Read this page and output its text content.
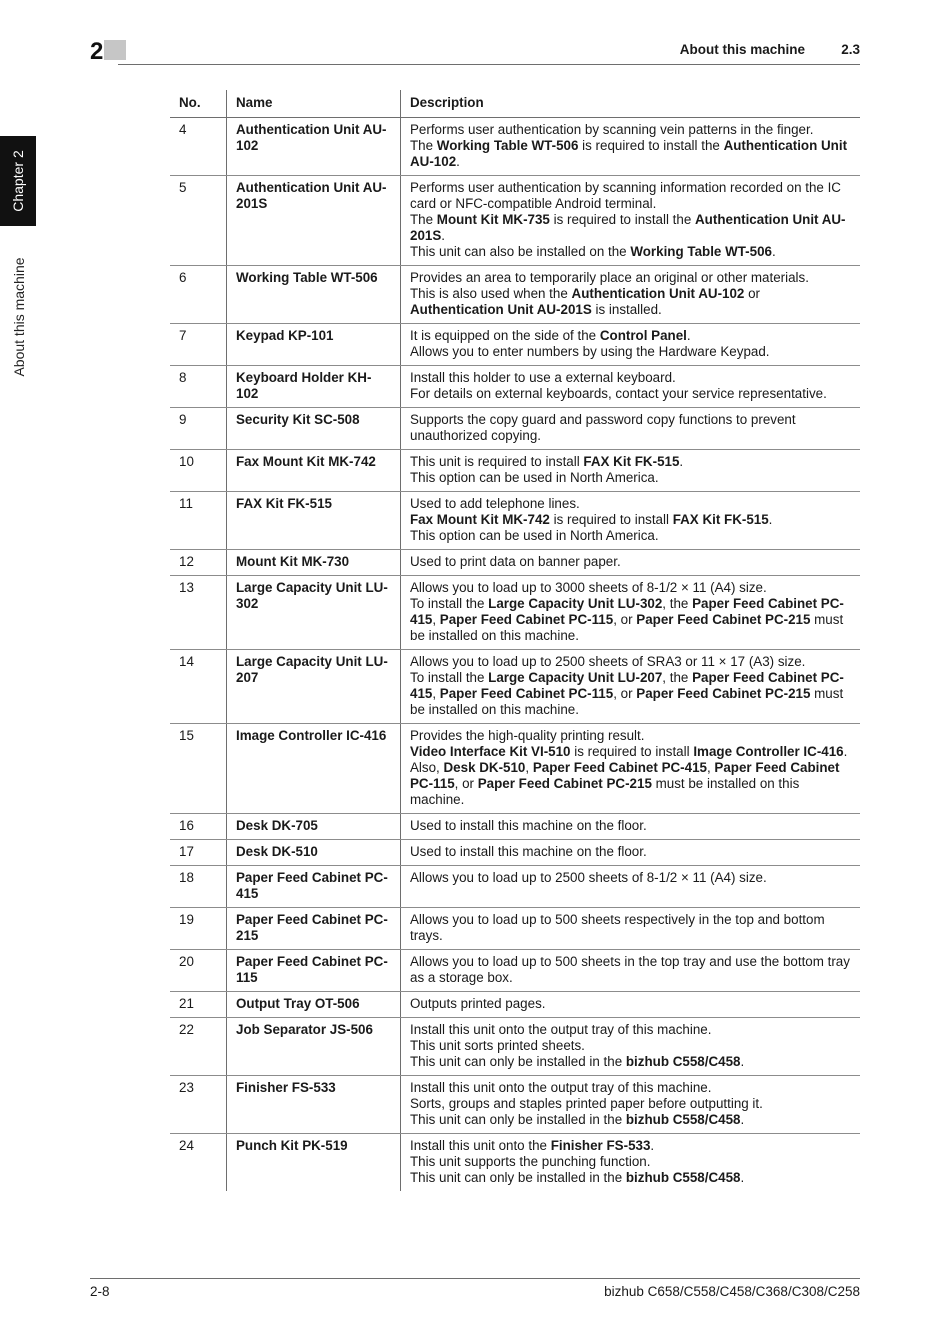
2	About this machine	2.3
Chapter 2
About this machine
No.	Name	Description
4	Authentication Unit AU-102	Performs user authentication by scanning vein patterns in the finger.
The Working Table WT-506 is required to install the Authentication Unit AU-102.

5	Authentication Unit AU-201S	Performs user authentication by scanning information recorded on the IC card or NFC-compatible Android terminal.
The Mount Kit MK-735 is required to install the Authentication Unit AU-201S.
This unit can also be installed on the Working Table WT-506.

6	Working Table WT-506	Provides an area to temporarily place an original or other materials.
This is also used when the Authentication Unit AU-102 or Authentication Unit AU-201S is installed.

7	Keypad KP-101	It is equipped on the side of the Control Panel.
Allows you to enter numbers by using the Hardware Keypad.

8	Keyboard Holder KH-102	Install this holder to use a external keyboard.
For details on external keyboards, contact your service representative.

9	Security Kit SC-508	Supports the copy guard and password copy functions to prevent unauthorized copying.

10	Fax Mount Kit MK-742	This unit is required to install FAX Kit FK-515.
This option can be used in North America.

11	FAX Kit FK-515	Used to add telephone lines.
Fax Mount Kit MK-742 is required to install FAX Kit FK-515.
This option can be used in North America.

12	Mount Kit MK-730	Used to print data on banner paper.

13	Large Capacity Unit LU-302	Allows you to load up to 3000 sheets of 8-1/2 × 11 (A4) size.
To install the Large Capacity Unit LU-302, the Paper Feed Cabinet PC-415, Paper Feed Cabinet PC-115, or Paper Feed Cabinet PC-215 must be installed on this machine.

14	Large Capacity Unit LU-207	Allows you to load up to 2500 sheets of SRA3 or 11 × 17 (A3) size.
To install the Large Capacity Unit LU-207, the Paper Feed Cabinet PC-415, Paper Feed Cabinet PC-115, or Paper Feed Cabinet PC-215 must be installed on this machine.

15	Image Controller IC-416	Provides the high-quality printing result.
Video Interface Kit VI-510 is required to install Image Controller IC-416. Also, Desk DK-510, Paper Feed Cabinet PC-415, Paper Feed Cabinet PC-115, or Paper Feed Cabinet PC-215 must be installed on this machine.

16	Desk DK-705	Used to install this machine on the floor.

17	Desk DK-510	Used to install this machine on the floor.

18	Paper Feed Cabinet PC-415	Allows you to load up to 2500 sheets of 8-1/2 × 11 (A4) size.

19	Paper Feed Cabinet PC-215	Allows you to load up to 500 sheets respectively in the top and bottom trays.

20	Paper Feed Cabinet PC-115	Allows you to load up to 500 sheets in the top tray and use the bottom tray as a storage box.

21	Output Tray OT-506	Outputs printed pages.

22	Job Separator JS-506	Install this unit onto the output tray of this machine.
This unit sorts printed sheets.
This unit can only be installed in the bizhub C558/C458.

23	Finisher FS-533	Install this unit onto the output tray of this machine.
Sorts, groups and staples printed paper before outputting it.
This unit can only be installed in the bizhub C558/C458.

24	Punch Kit PK-519	Install this unit onto the Finisher FS-533.
This unit supports the punching function.
This unit can only be installed in the bizhub C558/C458.
2-8	bizhub C658/C558/C458/C368/C308/C258
